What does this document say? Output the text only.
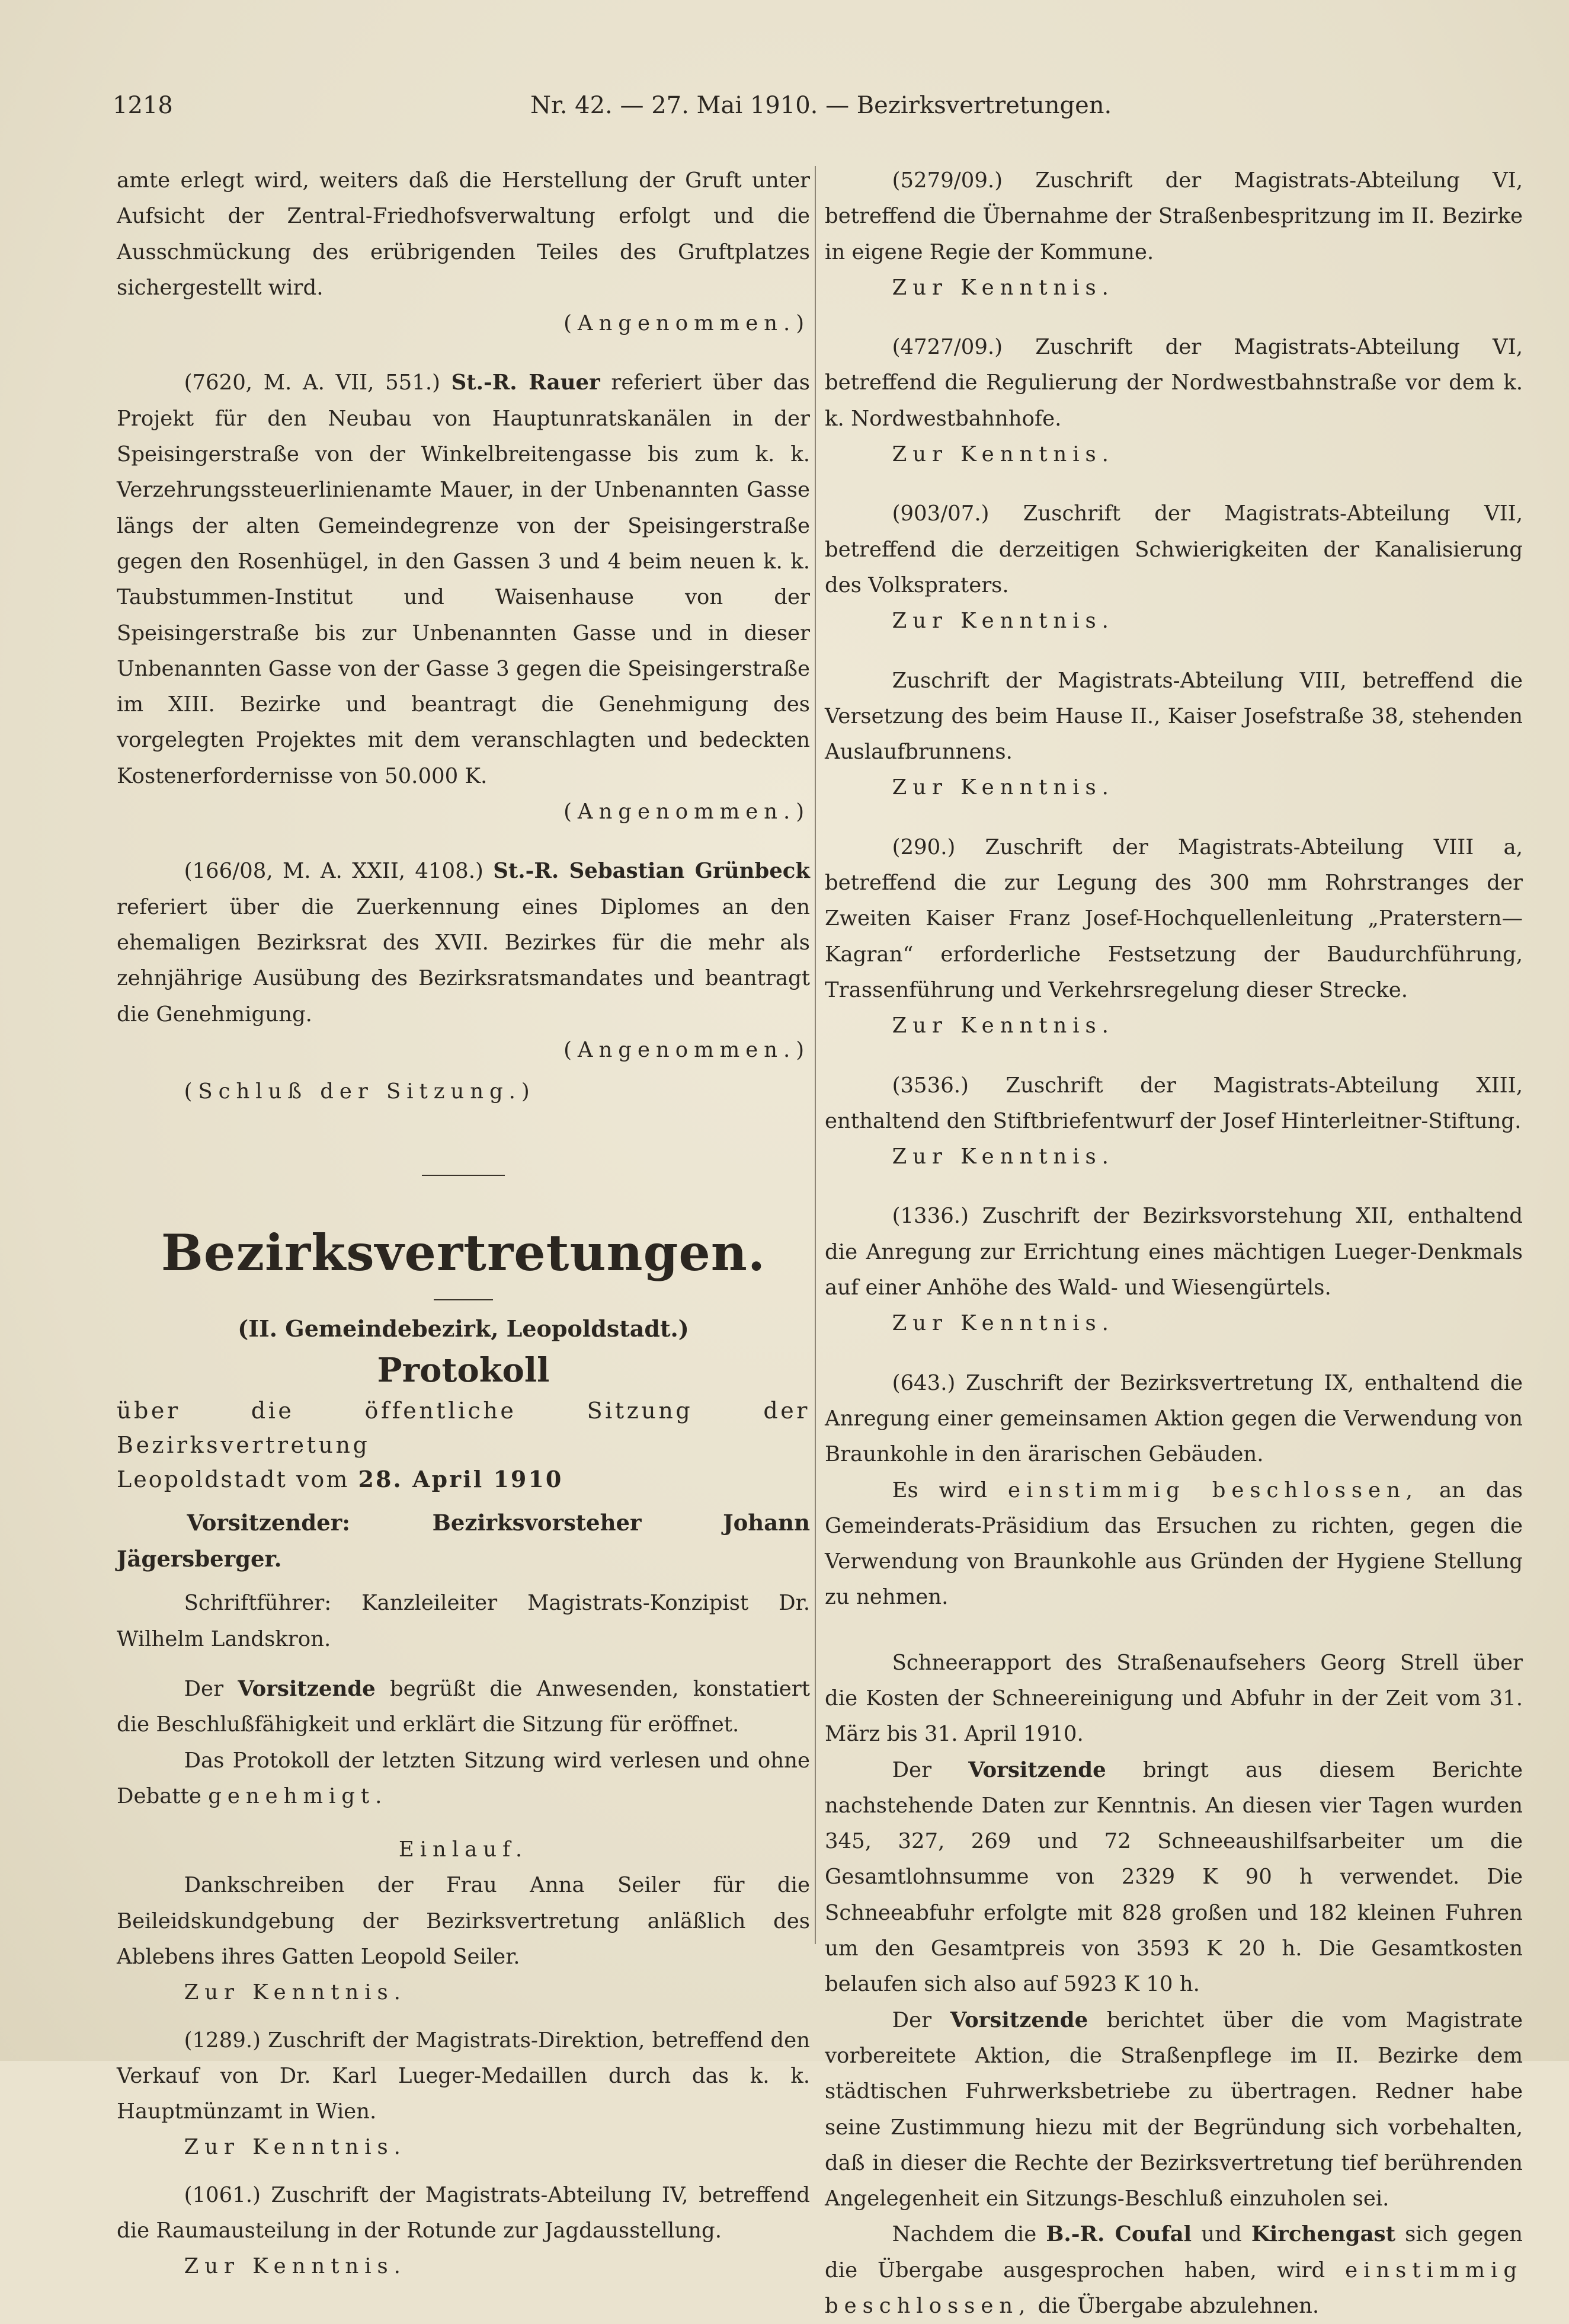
1218	Nr. 42. — 27. Mai 1910. — Bezirksvertretungen.

amte erlegt wird, weiters daß die Herstellung der Gruft unter Aufsicht der Zentral-Friedhofsverwaltung erfolgt und die Ausschmückung des erübrigenden Teiles des Gruftplatzes sichergestellt wird.
(Angenommen.)

(7620, M. A. VII, 551.) St.-R. Rauer referiert über das Projekt für den Neubau von Hauptunratskanälen in der Speisingerstraße von der Winkelbreitengasse bis zum k. k. Verzehrungssteuerlinienamte Mauer, in der Unbenannten Gasse längs der alten Gemeindegrenze von der Speisingerstraße gegen den Rosenhügel, in den Gassen 3 und 4 beim neuen k. k. Taubstummen-Institut und Waisenhause von der Speisingerstraße bis zur Unbenannten Gasse und in dieser Unbenannten Gasse von der Gasse 3 gegen die Speisingerstraße im XIII. Bezirke und beantragt die Genehmigung des vorgelegten Projektes mit dem veranschlagten und bedeckten Kostenerfordernisse von 50.000 K.
(Angenommen.)

(166/08, M. A. XXII, 4108.) St.-R. Sebastian Grünbeck referiert über die Zuerkennung eines Diplomes an den ehemaligen Bezirksrat des XVII. Bezirkes für die mehr als zehnjährige Ausübung des Bezirksratsmandates und beantragt die Genehmigung.
(Angenommen.)

(Schluß der Sitzung.)

Bezirksvertretungen.
(II. Gemeindebezirk, Leopoldstadt.)
Protokoll

über die öffentliche Sitzung der Bezirksvertretung

Leopoldstadt vom 28. April 1910

Vorsitzender: Bezirksvorsteher	Johann Jägersberger.

Schriftführer: Kanzleileiter Magistrats-Konzipist Dr. Wilhelm Landskron.

Der Vorsitzende begrüßt die Anwesenden, konstatiert die Beschlußfähigkeit und erklärt die Sitzung für eröffnet.

Das Protokoll der letzten Sitzung wird verlesen und ohne Debatte genehmigt.

Einlauf.

Dankschreiben der Frau Anna Seiler für die Beileidskundgebung der Bezirksvertretung anläßlich des Ablebens ihres Gatten Leopold Seiler.

Zur Kenntnis.

(1289.) Zuschrift der Magistrats-Direktion, betreffend den Verkauf von Dr. Karl Lueger-Medaillen durch das k. k. Hauptmünzamt in Wien.

Zur Kenntnis.

(1061.) Zuschrift der Magistrats-Abteilung IV, betreffend die Raumausteilung in der Rotunde zur Jagdausstellung.

Zur Kenntnis.

(5279/09.) Zuschrift der Magistrats-Abteilung VI, betreffend die Übernahme der Straßenbespritzung im II. Bezirke in eigene Regie der Kommune.

Zur Kenntnis.

(4727/09.) Zuschrift der Magistrats-Abteilung VI, betreffend die Regulierung der Nordwestbahnstraße vor dem k. k. Nordwestbahnhofe.

Zur Kenntnis.

(903/07.) Zuschrift der Magistrats-Abteilung VII, betreffend die derzeitigen Schwierigkeiten der Kanalisierung des Volkspraters.

Zur Kenntnis.

Zuschrift der Magistrats-Abteilung VIII, betreffend die Versetzung des beim Hause II., Kaiser Josefstraße 38, stehenden Auslaufbrunnens.

Zur Kenntnis.

(290.) Zuschrift der Magistrats-Abteilung VIII a, betreffend die zur Legung des 300 mm Rohrstranges der Zweiten Kaiser Franz Josef-Hochquellenleitung „Praterstern—Kagran“ erforderliche Festsetzung der Baudurchführung, Trassenführung und Verkehrsregelung dieser Strecke.

Zur Kenntnis.

(3536.) Zuschrift der Magistrats-Abteilung XIII, enthaltend den Stiftbriefentwurf der Josef Hinterleitner-Stiftung.

Zur Kenntnis.

(1336.) Zuschrift der Bezirksvorstehung XII, enthaltend die Anregung zur Errichtung eines mächtigen Lueger-Denkmals auf einer Anhöhe des Wald- und Wiesengürtels.

Zur Kenntnis.

(643.) Zuschrift der Bezirksvertretung IX, enthaltend die Anregung einer gemeinsamen Aktion gegen die Verwendung von Braunkohle in den ärarischen Gebäuden.

Es wird einstimmig beschlossen, an das Gemeinderats-Präsidium das Ersuchen zu richten, gegen die Verwendung von Braunkohle aus Gründen der Hygiene Stellung zu nehmen.

Schneerapport des Straßenaufsehers Georg Strell über die Kosten der Schneereinigung und Abfuhr in der Zeit vom 31. März bis 31. April 1910.

Der Vorsitzende bringt aus diesem Berichte nachstehende Daten zur Kenntnis. An diesen vier Tagen wurden 345, 327, 269 und 72 Schneeaushilfsarbeiter um die Gesamtlohnsumme von 2329 K 90 h verwendet. Die Schneeabfuhr erfolgte mit 828 großen und 182 kleinen Fuhren um den Gesamtpreis von 3593 K 20 h. Die Gesamtkosten belaufen sich also auf 5923 K 10 h.

Der Vorsitzende berichtet über die vom Magistrate vorbereitete Aktion, die Straßenpflege im II. Bezirke dem städtischen Fuhrwerksbetriebe zu übertragen. Redner habe seine Zustimmung hiezu mit der Begründung sich vorbehalten, daß in dieser die Rechte der Bezirksvertretung tief berührenden Angelegenheit ein Sitzungs-Beschluß einzuholen sei.

Nachdem die B.-R. Coufal und Kirchengast sich gegen die Übergabe ausgesprochen haben, wird einstimmig beschlossen, die Übergabe abzulehnen.
